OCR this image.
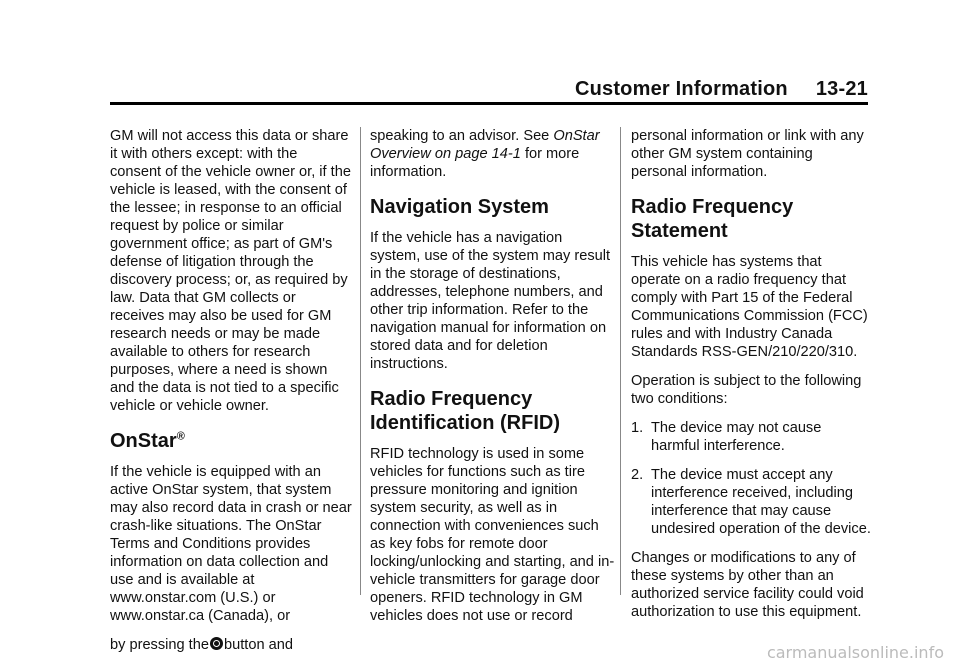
Customer Information 13-21

GM will not access this data or share it with others except: with the consent of the vehicle owner or, if the vehicle is leased, with the consent of the lessee; in response to an official request by police or similar government office; as part of GM's defense of litigation through the discovery process; or, as required by law. Data that GM collects or receives may also be used for GM research needs or may be made available to others for research purposes, where a need is shown and the data is not tied to a specific vehicle or vehicle owner.

OnStar®

If the vehicle is equipped with an active OnStar system, that system may also record data in crash or near crash-like situations. The OnStar Terms and Conditions provides information on data collection and use and is available at www.onstar.com (U.S.) or www.onstar.ca (Canada), or

by pressing the button and

speaking to an advisor. See OnStar Overview on page 14-1 for more information.

Navigation System

If the vehicle has a navigation system, use of the system may result in the storage of destinations, addresses, telephone numbers, and other trip information. Refer to the navigation manual for information on stored data and for deletion instructions.

Radio Frequency Identification (RFID)

RFID technology is used in some vehicles for functions such as tire pressure monitoring and ignition system security, as well as in connection with conveniences such as key fobs for remote door locking/unlocking and starting, and in-vehicle transmitters for garage door openers. RFID technology in GM vehicles does not use or record

personal information or link with any other GM system containing personal information.

Radio Frequency Statement

This vehicle has systems that operate on a radio frequency that comply with Part 15 of the Federal Communications Commission (FCC) rules and with Industry Canada Standards RSS-GEN/210/220/310.

Operation is subject to the following two conditions:

1. The device may not cause harmful interference.
2. The device must accept any interference received, including interference that may cause undesired operation of the device.

Changes or modifications to any of these systems by other than an authorized service facility could void authorization to use this equipment.

carmanualsonline.info
